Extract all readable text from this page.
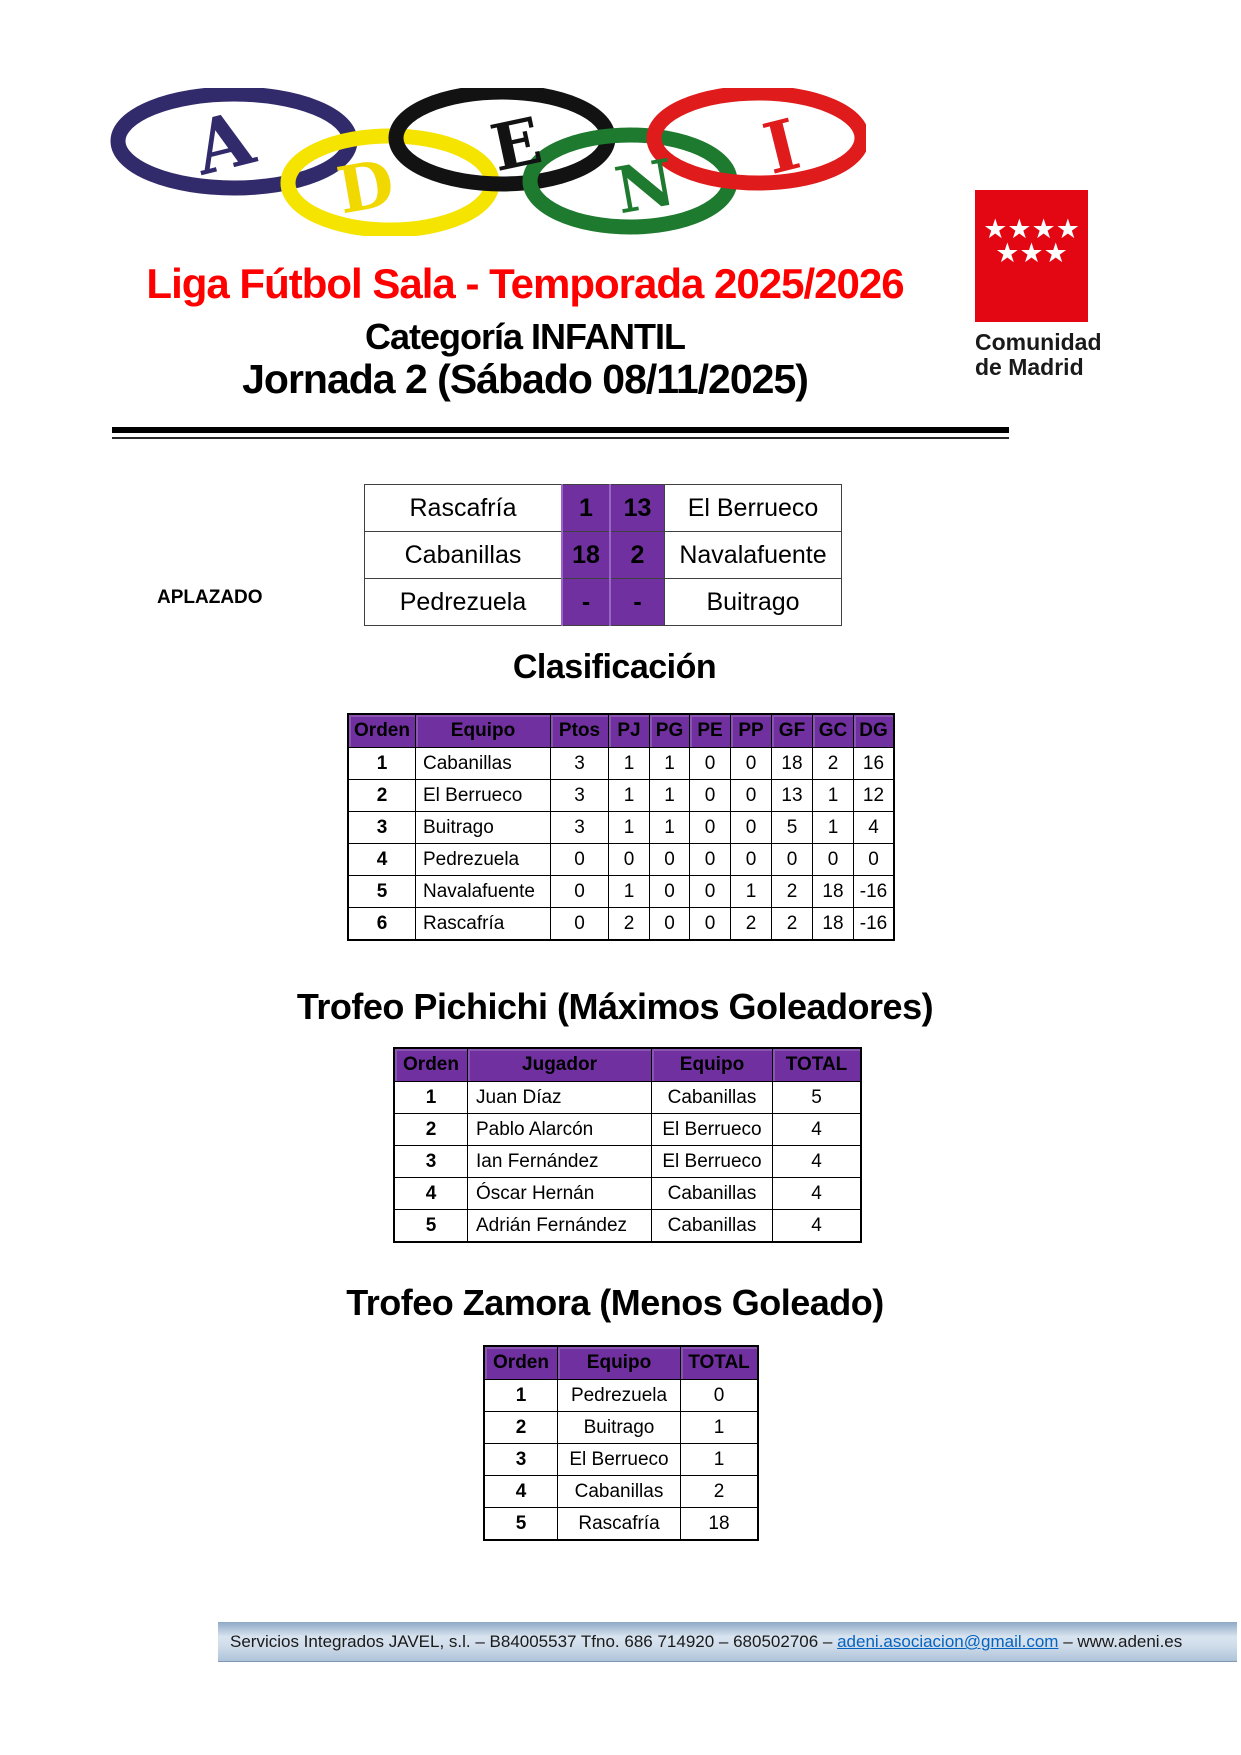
A D
E
N I
★★★★
★★★
Comunidad
de Madrid
Liga Fútbol Sala - Temporada 2025/2026
Categoría INFANTIL
Jornada 2 (Sábado 08/11/2025)
APLAZADO
Rascafría	1	13	El Berrueco
Cabanillas	18	2	Navalafuente
Pedrezuela	-	-	Buitrago
Clasificación
Orden	Equipo	Ptos	PJ	PG	PE	PP	GF	GC	DG
1	Cabanillas	3	1	1	0	0	18	2	16
2	El Berrueco	3	1	1	0	0	13	1	12
3	Buitrago	3	1	1	0	0	5	1	4
4	Pedrezuela	0	0	0	0	0	0	0	0
5	Navalafuente	0	1	0	0	1	2	18	-16
6	Rascafría	0	2	0	0	2	2	18	-16
Trofeo Pichichi (Máximos Goleadores)
Orden	Jugador	Equipo	TOTAL
1	Juan Díaz	Cabanillas	5
2	Pablo Alarcón	El Berrueco	4
3	Ian Fernández	El Berrueco	4
4	Óscar Hernán	Cabanillas	4
5	Adrián Fernández	Cabanillas	4
Trofeo Zamora (Menos Goleado)
Orden	Equipo	TOTAL
1	Pedrezuela	0
2	Buitrago	1
3	El Berrueco	1
4	Cabanillas	2
5	Rascafría	18
Servicios Integrados JAVEL, s.l. – B84005537 Tfno. 686 714920 – 680502706 – adeni.asociacion@gmail.com – www.adeni.es
